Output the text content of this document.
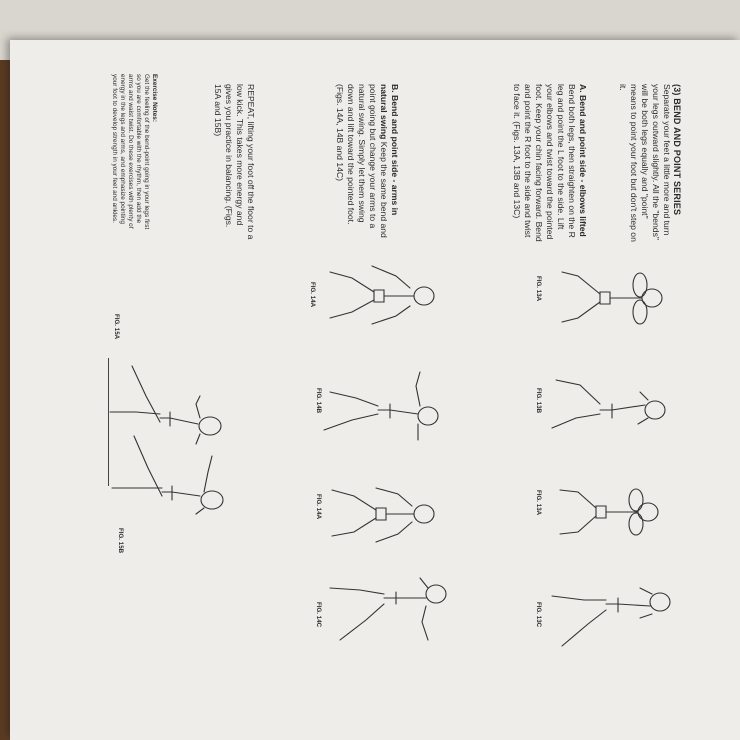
(3) BEND AND POINT SERIES
Separate your feet a little more and turn your legs outward slightly. All the "bends" will be both legs equally and "point" means to point your foot but don't step on it.
A. Bend and point side - elbows lifted Bend both legs, then straighten on the R leg and point the L foot to the side. Lift your elbows and twist toward the pointed foot. Keep your chin facing forward. Bend and point the R foot to the side and twist to face it. (Figs. 13A, 13B and 13C)
B. Bend and point side - arms in natural swing Keep the same bend and point going but change your arms to a natural swing. Simply let them swing down and lift toward the pointed foot. (Figs. 14A, 14B and 14C)
REPEAT, lifting your foot off the floor to a low kick. This takes more energy and gives you practice in balancing. (Figs. 15A and 15B)
Exercise Notes:
Get the feeling of the bend-point going in your legs first so you are comfortable with the rhythm, then add the arms and waist twist. Do these exercises with plenty of energy in the legs and arms, and emphasize pointing your foot to develop strength in your feet and ankles.
FIG. 13A
FIG. 13B
FIG. 13A
FIG. 13C
FIG. 14A
FIG. 14B
FIG. 14A
FIG. 14C
FIG. 15A
FIG. 15B
